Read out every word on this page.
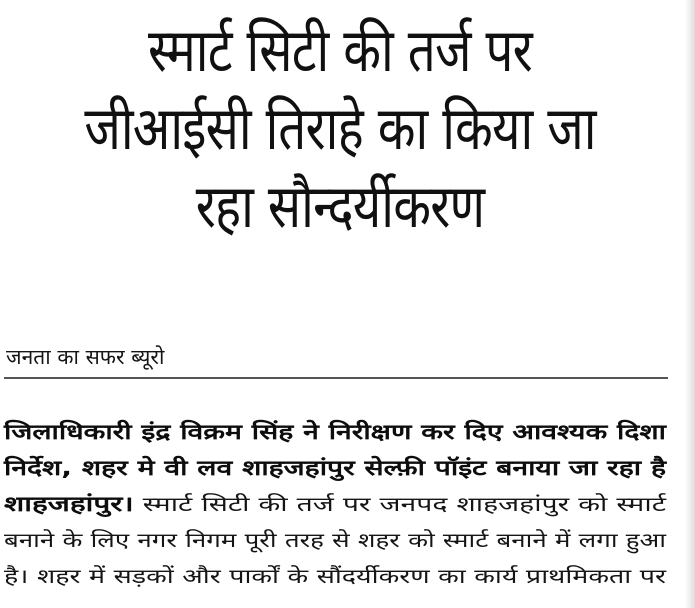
स्मार्ट सिटी की तर्ज पर
जीआईसी तिराहे का किया जा
रहा सौन्दर्यीकरण
जनता का सफर ब्यूरो
जिलाधिकारी इंद्र विक्रम सिंह ने निरीक्षण कर दिए आवश्यक दिशा
निर्देश, शहर मे वी लव शाहजहांपुर सेल्फ़ी पॉइंट बनाया जा रहा है
शाहजहांपुर। स्मार्ट सिटी की तर्ज पर जनपद शाहजहांपुर को स्मार्ट
बनाने के लिए नगर निगम पूरी तरह से शहर को स्मार्ट बनाने में लगा हुआ
है। शहर में सड़कों और पार्कों के सौंदर्यीकरण का कार्य प्राथमिकता पर
